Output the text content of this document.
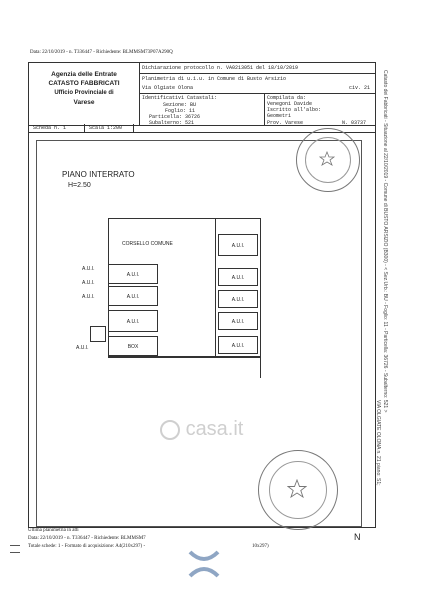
Data: 22/10/2019 - n. T336447 - Richiedente: BLMMSM73P07A290Q
Agenzia delle Entrate
CATASTO FABBRICATI
Ufficio Provinciale di
Varese
Dichiarazione protocollo n. VA0213051 del 18/10/2019
Planimetria di u.i.u. in Comune di Busto Arsizio
Via Olgiate Olona	civ. 21
Identificativi Catastali:
Sezione: BU
Foglio: 11
Particella: 36726
Subalterno: 521
Compilata da:
Venegoni Davide
Iscritto all'albo:
Geometri
Prov. Varese	N. 03737
Scheda n. 1	Scala 1:200
PIANO INTERRATO
H=2.50
CORSELLO COMUNE	A.U.I.
A.U.I.
A.U.I.
A.U.I.
A.U.I.
A.U.I.
A.U.I.
A.U.I.
BOX
A.U.I.
A.U.I.
A.U.I.
A.U.I.
casa.it
Catasto dei Fabbricati - Situazione al 22/10/2019 - Comune di BUSTO ARSIZIO (B300) - < Sez.Urb.: BU - Foglio: 11 - Particella: 36726 - Subalterno: 521 >
VIA OLGIATE OLONA n. 21 piano: S1;
N
Ultima planimetria in atti
Data: 22/10/2019 - n. T336447 - Richiedente: BLMMSM7
Totale schede: 1 - Formato di acquisizione: A4(210x297) -	10x297)
